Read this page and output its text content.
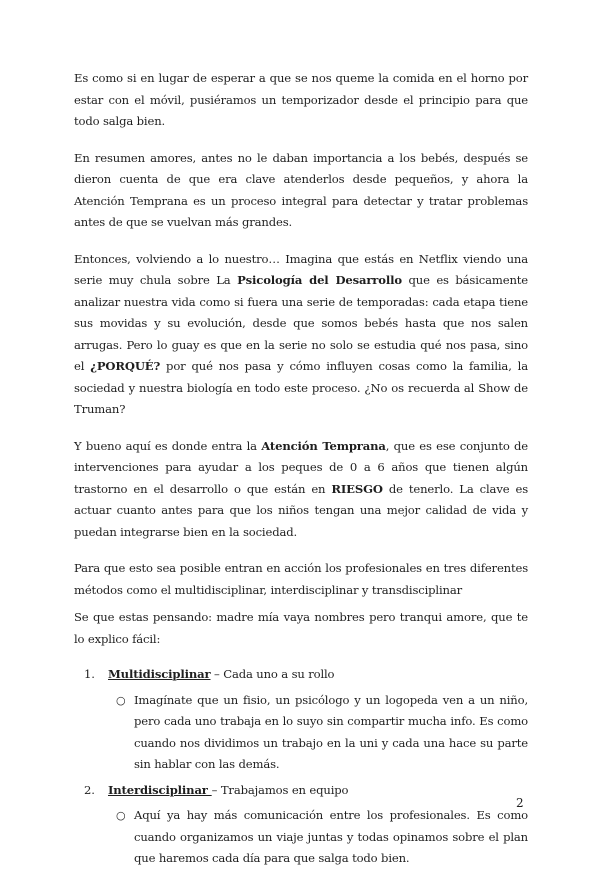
Es como si en lugar de esperar a que se nos queme la comida en el horno por estar con el móvil, pusiéramos un temporizador desde el principio para que todo salga bien.

En resumen amores, antes no le daban importancia a los bebés, después se dieron cuenta de que era clave atenderlos desde pequeños, y ahora la Atención Temprana es un proceso integral para detectar y tratar problemas antes de que se vuelvan más grandes.

Entonces, volviendo a lo nuestro… Imagina que estás en Netflix viendo una serie muy chula sobre La Psicología del Desarrollo que es básicamente analizar nuestra vida como si fuera una serie de temporadas: cada etapa tiene sus movidas y su evolución, desde que somos bebés hasta que nos salen arrugas. Pero lo guay es que en la serie no solo se estudia qué nos pasa, sino el ¿PORQUÉ? por qué nos pasa y cómo influyen cosas como la familia, la sociedad y nuestra biología en todo este proceso. ¿No os recuerda al Show de Truman?

Y bueno aquí es donde entra la Atención Temprana, que es ese conjunto de intervenciones para ayudar a los peques de 0 a 6 años que tienen algún trastorno en el desarrollo o que están en RIESGO de tenerlo. La clave es actuar cuanto antes para que los niños tengan una mejor calidad de vida y puedan integrarse bien en la sociedad.

Para que esto sea posible entran en acción los profesionales en tres diferentes métodos como el multidisciplinar, interdisciplinar y transdisciplinar

Se que estas pensando: madre mía vaya nombres pero tranqui amore, que te lo explico fácil:

1. Multidisciplinar – Cada uno a su rollo
○ Imagínate que un fisio, un psicólogo y un logopeda ven a un niño, pero cada uno trabaja en lo suyo sin compartir mucha info. Es como cuando nos dividimos un trabajo en la uni y cada una hace su parte sin hablar con las demás.

2. Interdisciplinar – Trabajamos en equipo
○ Aquí ya hay más comunicación entre los profesionales. Es como cuando organizamos un viaje juntas y todas opinamos sobre el plan que haremos cada día para que salga todo bien.

2
